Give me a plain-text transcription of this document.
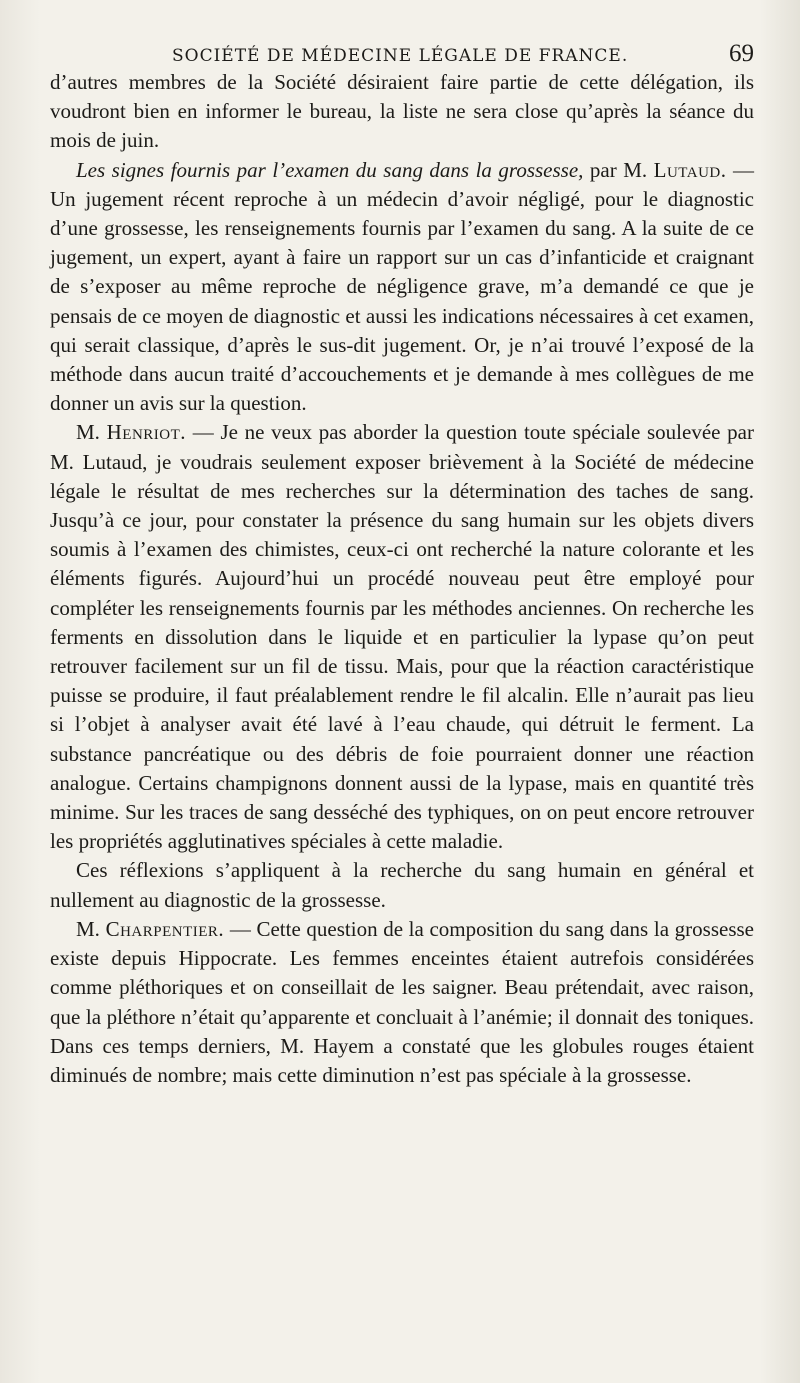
SOCIÉTÉ DE MÉDECINE LÉGALE DE FRANCE.	69

d’autres membres de la Société désiraient faire partie de cette délégation, ils voudront bien en informer le bureau, la liste ne sera close qu’après la séance du mois de juin.

Les signes fournis par l’examen du sang dans la grossesse, par M. Lutaud. — Un jugement récent reproche à un médecin d’avoir négligé, pour le diagnostic d’une grossesse, les renseignements fournis par l’examen du sang. A la suite de ce jugement, un expert, ayant à faire un rapport sur un cas d’infanticide et craignant de s’exposer au même reproche de négligence grave, m’a demandé ce que je pensais de ce moyen de diagnostic et aussi les indications nécessaires à cet examen, qui serait classique, d’après le sus-dit jugement. Or, je n’ai trouvé l’exposé de la méthode dans aucun traité d’accouchements et je demande à mes collègues de me donner un avis sur la question.

M. Henriot. — Je ne veux pas aborder la question toute spéciale soulevée par M. Lutaud, je voudrais seulement exposer brièvement à la Société de médecine légale le résultat de mes recherches sur la détermination des taches de sang. Jusqu’à ce jour, pour constater la présence du sang humain sur les objets divers soumis à l’examen des chimistes, ceux-ci ont recherché la nature colorante et les éléments figurés. Aujourd’hui un procédé nouveau peut être employé pour compléter les renseignements fournis par les méthodes anciennes. On recherche les ferments en dissolution dans le liquide et en particulier la lypase qu’on peut retrouver facilement sur un fil de tissu. Mais, pour que la réaction caractéristique puisse se produire, il faut préalablement rendre le fil alcalin. Elle n’aurait pas lieu si l’objet à analyser avait été lavé à l’eau chaude, qui détruit le ferment. La substance pancréatique ou des débris de foie pourraient donner une réaction analogue. Certains champignons donnent aussi de la lypase, mais en quantité très minime. Sur les traces de sang desséché des typhiques, on on peut encore retrouver les propriétés agglutinatives spéciales à cette maladie.

Ces réflexions s’appliquent à la recherche du sang humain en général et nullement au diagnostic de la grossesse.

M. Charpentier. — Cette question de la composition du sang dans la grossesse existe depuis Hippocrate. Les femmes enceintes étaient autrefois considérées comme pléthoriques et on conseillait de les saigner. Beau prétendait, avec raison, que la pléthore n’était qu’apparente et concluait à l’anémie; il donnait des toniques. Dans ces temps derniers, M. Hayem a constaté que les globules rouges étaient diminués de nombre; mais cette diminution n’est pas spéciale à la grossesse.
